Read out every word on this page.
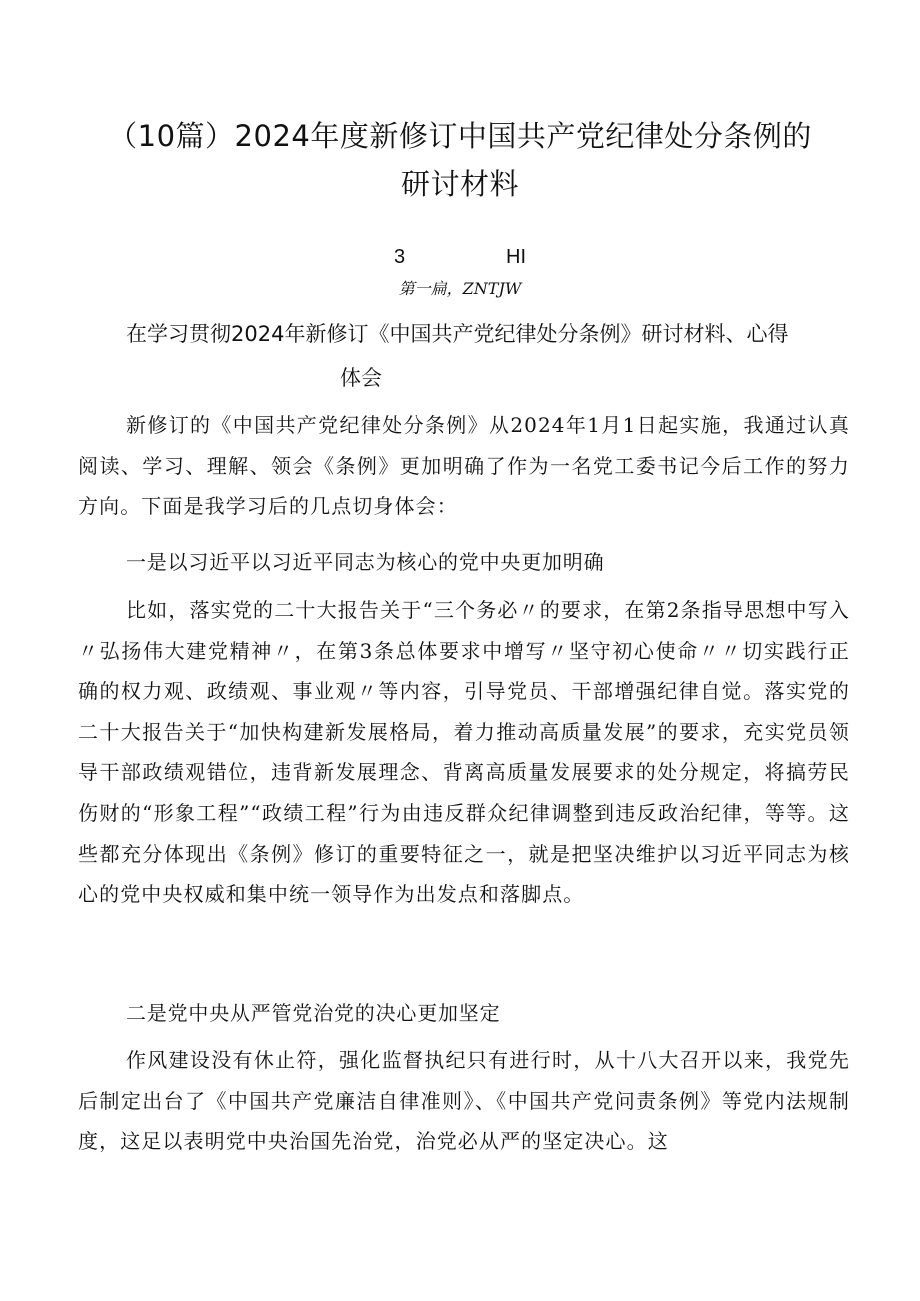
（10篇）2024年度新修订中国共产党纪律处分条例的
研讨材料
3	HI
第一扁，ZNTJW
在学习贯彻2024年新修订《中国共产党纪律处分条例》研讨材料、心得
体会

新修订的《中国共产党纪律处分条例》从2024年1月1日起实施，我通过认真阅读、学习、理解、领会《条例》更加明确了作为一名党工委书记今后工作的努力方向。下面是我学习后的几点切身体会：

一是以习近平以习近平同志为核心的党中央更加明确

比如，落实党的二十大报告关于“三个务必〃的要求，在第2条指导思想中写入〃弘扬伟大建党精神〃，在第3条总体要求中增写〃坚守初心使命〃〃切实践行正确的权力观、政绩观、事业观〃等内容，引导党员、干部增强纪律自觉。落实党的二十大报告关于“加快构建新发展格局，着力推动高质量发展”的要求，充实党员领导干部政绩观错位，违背新发展理念、背离高质量发展要求的处分规定，将搞劳民伤财的“形象工程”“政绩工程”行为由违反群众纪律调整到违反政治纪律，等等。这些都充分体现出《条例》修订的重要特征之一，就是把坚决维护以习近平同志为核心的党中央权威和集中统一领导作为出发点和落脚点。

二是党中央从严管党治党的决心更加坚定

作风建设没有休止符，强化监督执纪只有进行时，从十八大召开以来，我党先后制定出台了《中国共产党廉洁自律准则》、《中国共产党问责条例》等党内法规制度，这足以表明党中央治国先治党，治党必从严的坚定决心。这
